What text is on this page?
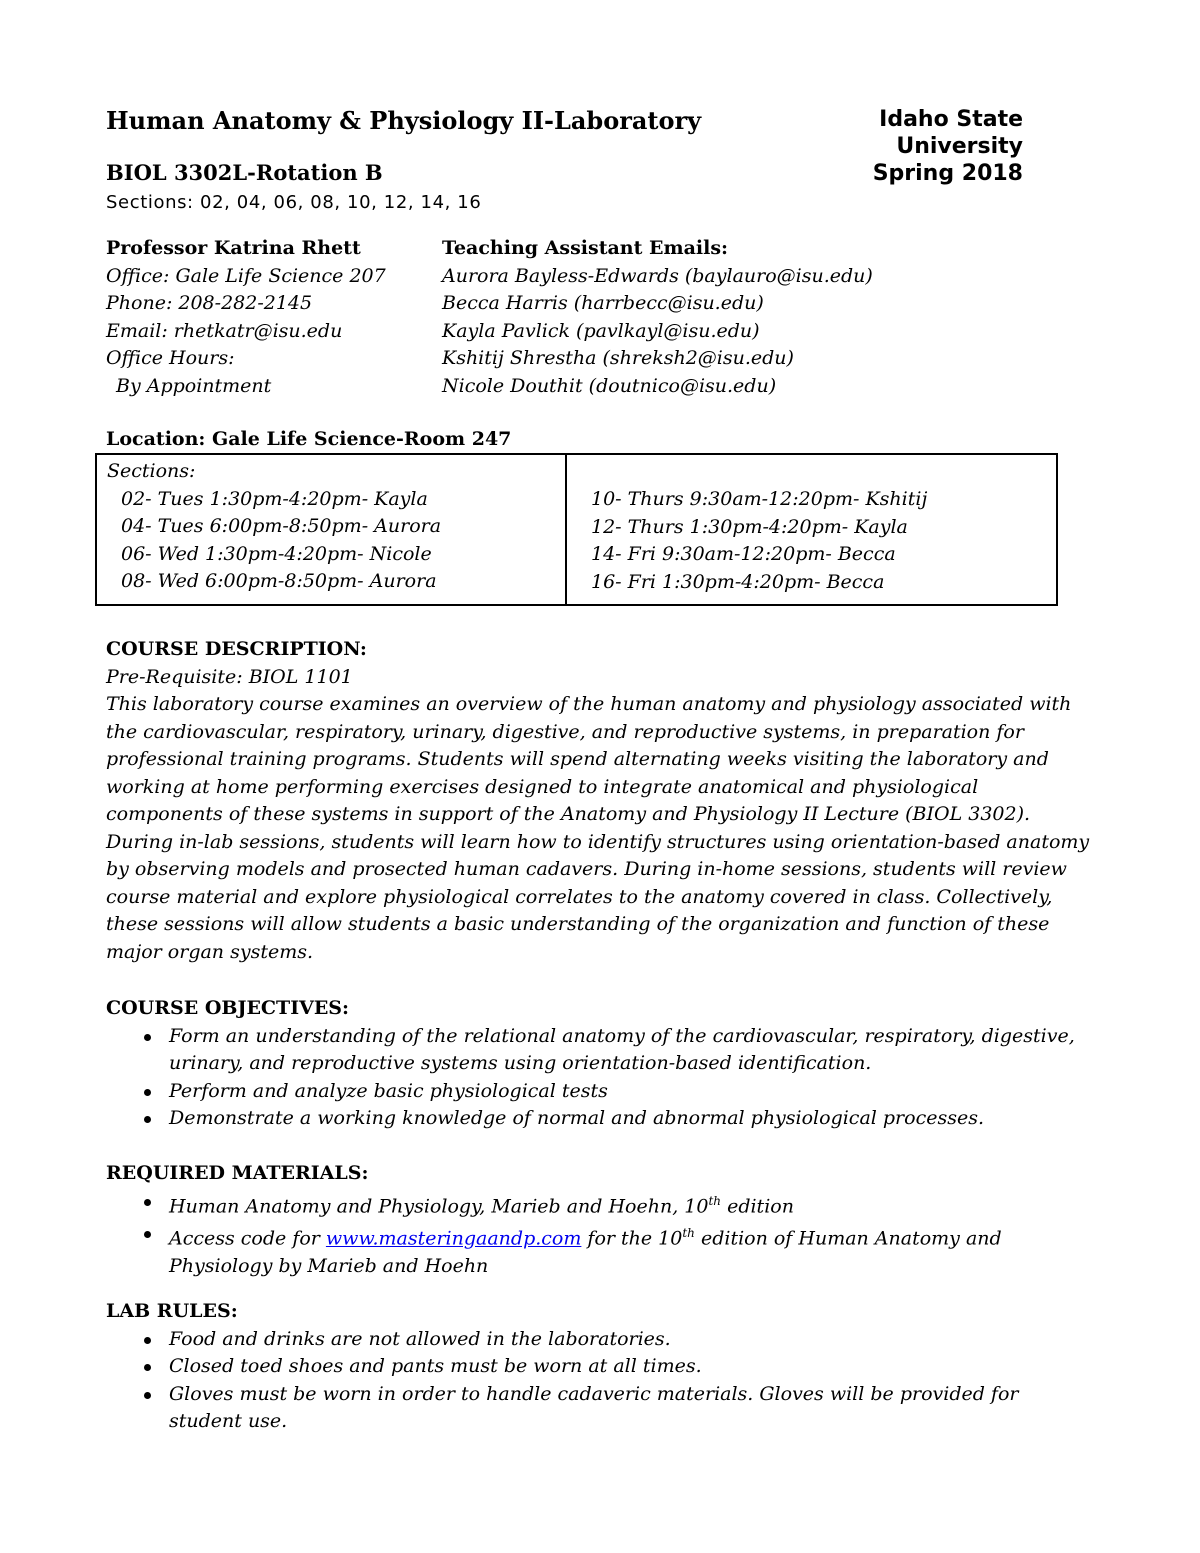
Human Anatomy & Physiology II-Laboratory
BIOL 3302L-Rotation B
Sections: 02, 04, 06, 08, 10, 12, 14, 16
Idaho State
University
Spring 2018
Professor Katrina Rhett
Office: Gale Life Science 207
Phone: 208-282-2145
Email: rhetkatr@isu.edu
Office Hours:
By Appointment
Teaching Assistant Emails:
Aurora Bayless-Edwards (baylauro@isu.edu)
Becca Harris (harrbecc@isu.edu)
Kayla Pavlick (pavlkayl@isu.edu)
Kshitij Shrestha (shreksh2@isu.edu)
Nicole Douthit (doutnico@isu.edu)
Location: Gale Life Science-Room 247
Sections:
02- Tues 1:30pm-4:20pm- Kayla
04- Tues 6:00pm-8:50pm- Aurora
06- Wed 1:30pm-4:20pm- Nicole
08- Wed 6:00pm-8:50pm- Aurora
10- Thurs 9:30am-12:20pm- Kshitij
12- Thurs 1:30pm-4:20pm- Kayla
14- Fri 9:30am-12:20pm- Becca
16- Fri 1:30pm-4:20pm- Becca
COURSE DESCRIPTION:
Pre-Requisite: BIOL 1101
This laboratory course examines an overview of the human anatomy and physiology associated with the cardiovascular, respiratory, urinary, digestive, and reproductive systems, in preparation for professional training programs. Students will spend alternating weeks visiting the laboratory and working at home performing exercises designed to integrate anatomical and physiological components of these systems in support of the Anatomy and Physiology II Lecture (BIOL 3302). During in-lab sessions, students will learn how to identify structures using orientation-based anatomy by observing models and prosected human cadavers. During in-home sessions, students will review course material and explore physiological correlates to the anatomy covered in class. Collectively, these sessions will allow students a basic understanding of the organization and function of these major organ systems.
COURSE OBJECTIVES:
Form an understanding of the relational anatomy of the cardiovascular, respiratory, digestive, urinary, and reproductive systems using orientation-based identification.
Perform and analyze basic physiological tests
Demonstrate a working knowledge of normal and abnormal physiological processes.
REQUIRED MATERIALS:
Human Anatomy and Physiology, Marieb and Hoehn, 10th edition
Access code for www.masteringaandp.com for the 10th edition of Human Anatomy and Physiology by Marieb and Hoehn
LAB RULES:
Food and drinks are not allowed in the laboratories.
Closed toed shoes and pants must be worn at all times.
Gloves must be worn in order to handle cadaveric materials. Gloves will be provided for student use.
